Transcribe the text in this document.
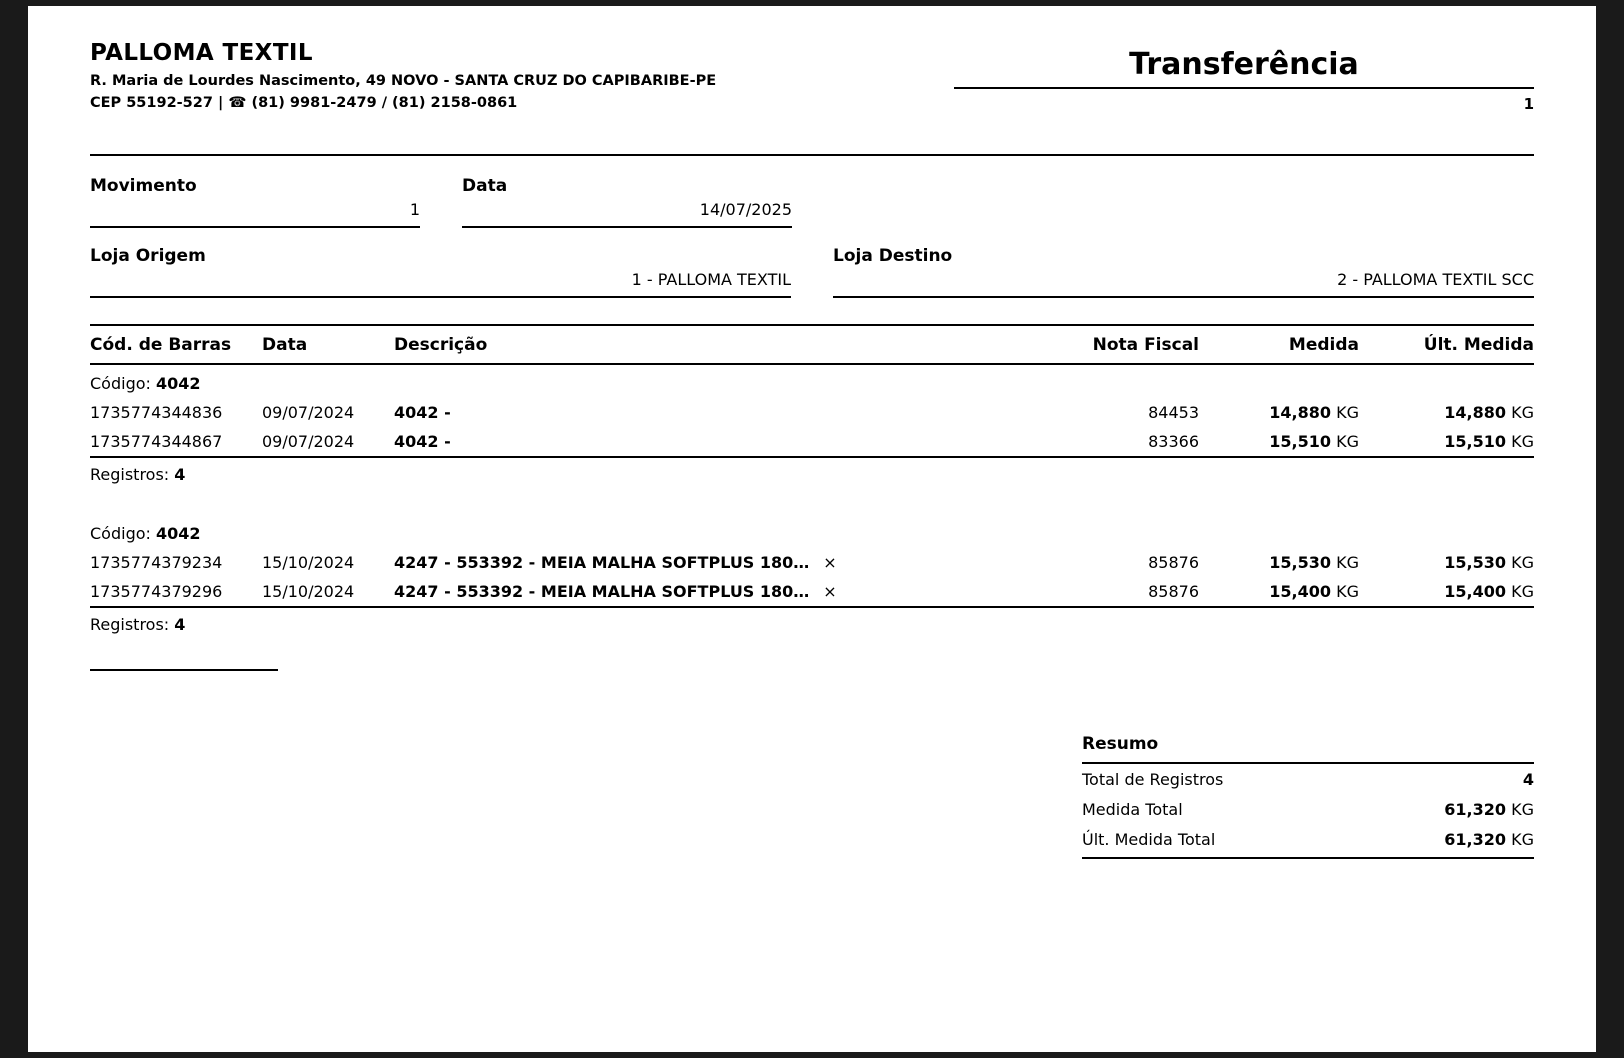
PALLOMA TEXTIL
R. Maria de Lourdes Nascimento, 49 NOVO - SANTA CRUZ DO CAPIBARIBE-PE
CEP 55192-527 | ☎ (81) 9981-2479 / (81) 2158-0861
Transferência
1
Movimento
1
Data
14/07/2025
Loja Origem
1 - PALLOMA TEXTIL
Loja Destino
2 - PALLOMA TEXTIL SCC
Cód. de Barras	Data	Descrição	Nota Fiscal	Medida	Últ. Medida
Código: 4042					
1735774344836	09/07/2024	4042 -	84453	14,880 KG	14,880 KG
1735774344867	09/07/2024	4042 -	83366	15,510 KG	15,510 KG
Registros: 4					

Código: 4042					
1735774379234	15/10/2024	4247 - 553392 - MEIA MALHA SOFTPLUS 180… ×	85876	15,530 KG	15,530 KG
1735774379296	15/10/2024	4247 - 553392 - MEIA MALHA SOFTPLUS 180… ×	85876	15,400 KG	15,400 KG
Registros: 4					
Resumo
Total de Registros	4
Medida Total	61,320 KG
Últ. Medida Total	61,320 KG
